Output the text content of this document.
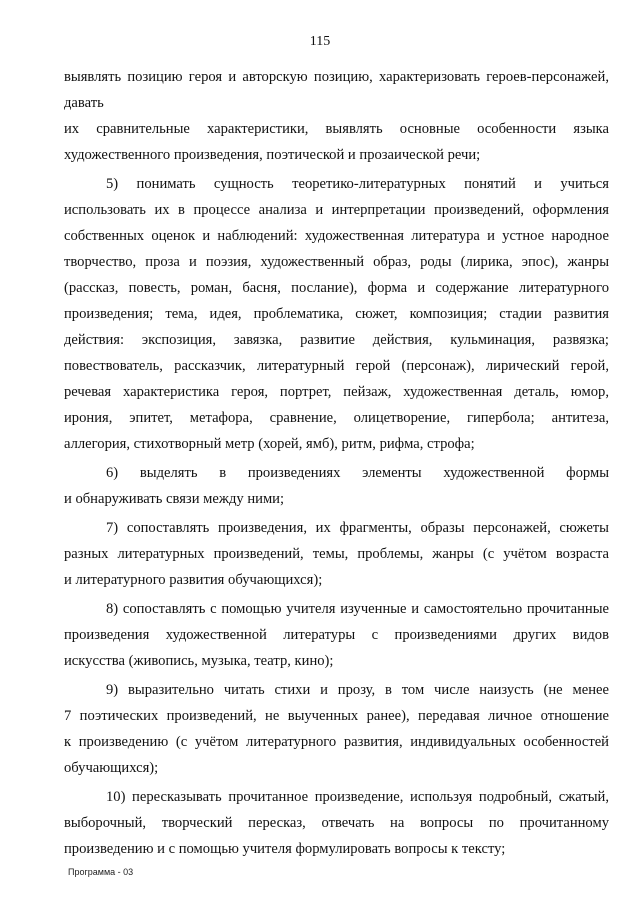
115
выявлять позицию героя и авторскую позицию, характеризовать героев-персонажей,
давать
их сравнительные характеристики, выявлять основные особенности языка
художественного произведения, поэтической и прозаической речи;
5) понимать сущность теоретико-литературных понятий и учиться
использовать их в процессе анализа и интерпретации произведений, оформления
собственных оценок и наблюдений: художественная литература и устное народное
творчество, проза и поэзия, художественный образ, роды (лирика, эпос), жанры
(рассказ, повесть, роман, басня, послание), форма и содержание литературного
произведения; тема, идея, проблематика, сюжет, композиция; стадии развития
действия: экспозиция, завязка, развитие действия, кульминация, развязка;
повествователь, рассказчик, литературный герой (персонаж), лирический герой,
речевая характеристика героя, портрет, пейзаж, художественная деталь, юмор,
ирония, эпитет, метафора, сравнение, олицетворение, гипербола; антитеза,
аллегория, стихотворный метр (хорей, ямб), ритм, рифма, строфа;
6) выделять в произведениях элементы художественной формы
и обнаруживать связи между ними;
7) сопоставлять произведения, их фрагменты, образы персонажей, сюжеты
разных литературных произведений, темы, проблемы, жанры (с учётом возраста
и литературного развития обучающихся);
8) сопоставлять с помощью учителя изученные и самостоятельно прочитанные
произведения художественной литературы с произведениями других видов
искусства (живопись, музыка, театр, кино);
9) выразительно читать стихи и прозу, в том числе наизусть (не менее
7 поэтических произведений, не выученных ранее), передавая личное отношение
к произведению (с учётом литературного развития, индивидуальных особенностей
обучающихся);
10) пересказывать прочитанное произведение, используя подробный, сжатый,
выборочный, творческий пересказ, отвечать на вопросы по прочитанному
произведению и с помощью учителя формулировать вопросы к тексту;
Программа - 03
